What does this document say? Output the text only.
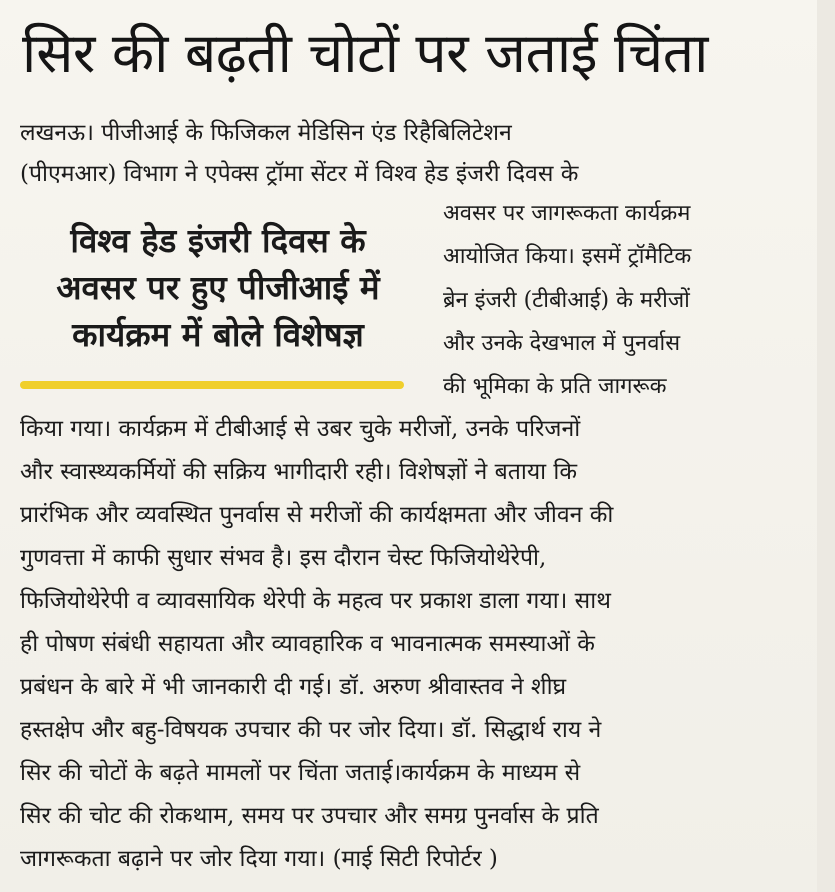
सिर की बढ़ती चोटों पर जताई चिंता
लखनऊ। पीजीआई के फिजिकल मेडिसिन एंड रिहैबिलिटेशन
(पीएमआर) विभाग ने एपेक्स ट्रॉमा सेंटर में विश्व हेड इंजरी दिवस के
विश्व हेड इंजरी दिवस के
अवसर पर हुए पीजीआई में
कार्यक्रम में बोले विशेषज्ञ
अवसर पर जागरूकता कार्यक्रम
आयोजित किया। इसमें ट्रॉमैटिक
ब्रेन इंजरी (टीबीआई) के मरीजों
और उनके देखभाल में पुनर्वास
की भूमिका के प्रति जागरूक
किया गया। कार्यक्रम में टीबीआई से उबर चुके मरीजों, उनके परिजनों
और स्वास्थ्यकर्मियों की सक्रिय भागीदारी रही। विशेषज्ञों ने बताया कि
प्रारंभिक और व्यवस्थित पुनर्वास से मरीजों की कार्यक्षमता और जीवन की
गुणवत्ता में काफी सुधार संभव है। इस दौरान चेस्ट फिजियोथेरेपी,
फिजियोथेरेपी व व्यावसायिक थेरेपी के महत्व पर प्रकाश डाला गया। साथ
ही पोषण संबंधी सहायता और व्यावहारिक व भावनात्मक समस्याओं के
प्रबंधन के बारे में भी जानकारी दी गई। डॉ. अरुण श्रीवास्तव ने शीघ्र
हस्तक्षेप और बहु-विषयक उपचार की पर जोर दिया। डॉ. सिद्धार्थ राय ने
सिर की चोटों के बढ़ते मामलों पर चिंता जताई।कार्यक्रम के माध्यम से
सिर की चोट की रोकथाम, समय पर उपचार और समग्र पुनर्वास के प्रति
जागरूकता बढ़ाने पर जोर दिया गया। (माई सिटी रिपोर्टर )
